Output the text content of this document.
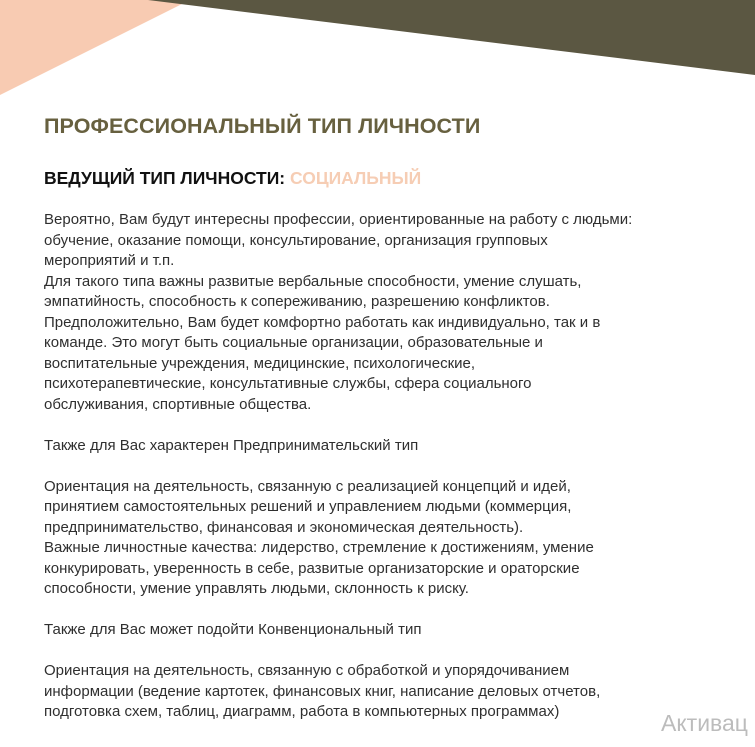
ПРОФЕССИОНАЛЬНЫЙ ТИП ЛИЧНОСТИ
ВЕДУЩИЙ ТИП ЛИЧНОСТИ: СОЦИАЛЬНЫЙ

Вероятно, Вам будут интересны профессии, ориентированные на работу с людьми:

обучение, оказание помощи, консультирование, организация групповых

мероприятий и т.п.

Для такого типа важны развитые вербальные способности, умение слушать,

эмпатийность, способность к сопереживанию, разрешению конфликтов.

Предположительно, Вам будет комфортно работать как индивидуально, так и в

команде. Это могут быть социальные организации, образовательные и

воспитательные учреждения, медицинские, психологические,

психотерапевтические, консультативные службы, сфера социального

обслуживания, спортивные общества.

Также для Вас характерен Предпринимательский тип

Ориентация на деятельность, связанную с реализацией концепций и идей,

принятием самостоятельных решений и управлением людьми (коммерция,

предпринимательство, финансовая и экономическая деятельность).

Важные личностные качества: лидерство, стремление к достижениям, умение

конкурировать, уверенность в себе, развитые организаторские и ораторские

способности, умение управлять людьми, склонность к риску.

Также для Вас может подойти Конвенциональный тип

Ориентация на деятельность, связанную с обработкой и упорядочиванием

информации (ведение картотек, финансовых книг, написание деловых отчетов,

подготовка схем, таблиц, диаграмм, работа в компьютерных программах)	Активац
